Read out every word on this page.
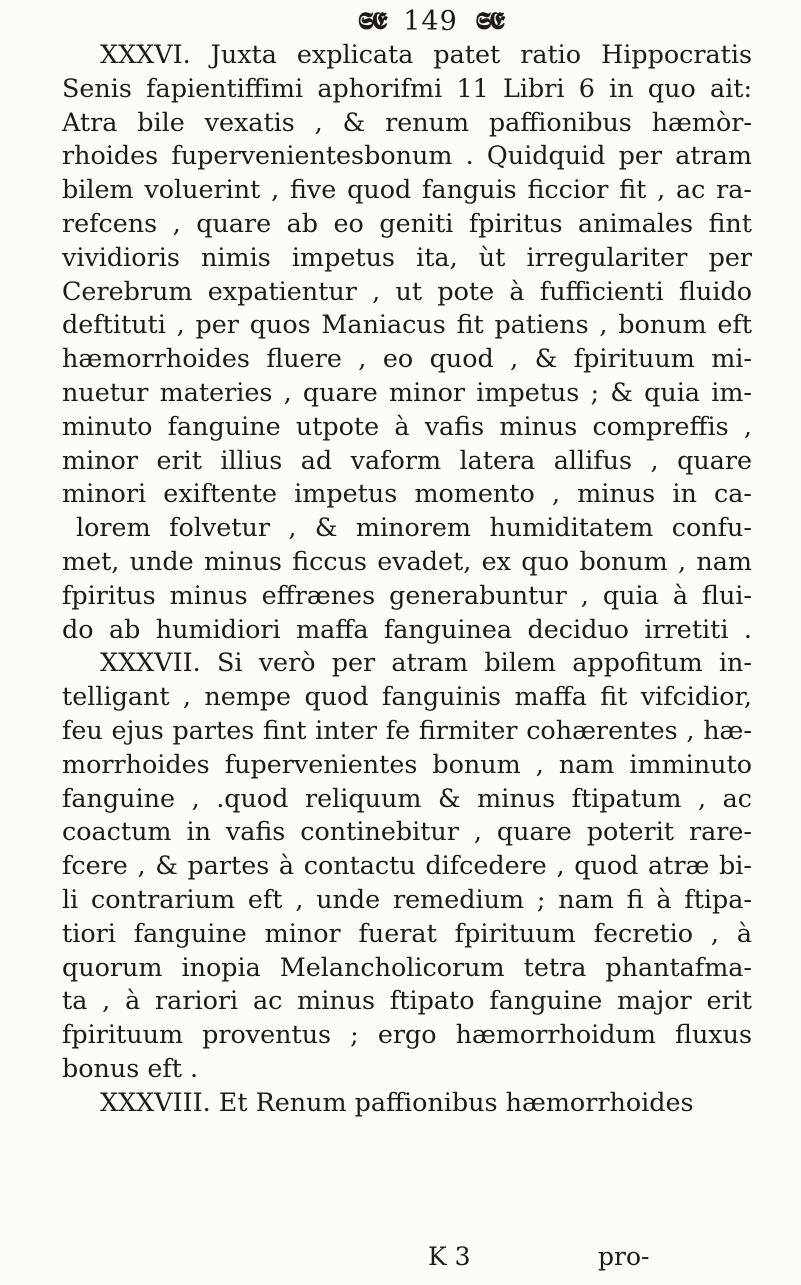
𝕾𝕰 149 𝕾𝕰
XXXVI. Juxta explicata patet ratio Hippocratis
Senis fapientiffimi aphorifmi 11 Libri 6 in quo ait:
Atra bile vexatis , & renum paffionibus hæmòr-
rhoides fupervenientesbonum . Quidquid per atram
bilem voluerint , five quod fanguis ficcior fit , ac ra-
refcens , quare ab eo geniti fpiritus animales fint
vividioris nimis impetus ita, ùt irregulariter per
Cerebrum expatientur , ut pote à fufficienti fluido
deftituti , per quos Maniacus fit patiens , bonum eft
hæmorrhoides fluere , eo quod , & fpirituum mi-
nuetur materies , quare minor impetus ; & quia im-
minuto fanguine utpote à vafis minus compreffis ,
minor erit illius ad vaform latera allifus , quare
minori exiftente impetus momento , minus in ca-
lorem folvetur , & minorem humiditatem confu-
met, unde minus ficcus evadet, ex quo bonum , nam
fpiritus minus effrænes generabuntur , quia à flui-
do ab humidiori maffa fanguinea deciduo irretiti .
XXXVII. Si verò per atram bilem appofitum in-
telligant , nempe quod fanguinis maffa fit vifcidior,
feu ejus partes fint inter fe firmiter cohærentes , hæ-
morrhoides fupervenientes bonum , nam imminuto
fanguine , .quod reliquum & minus ftipatum , ac
coactum in vafis continebitur , quare poterit rare-
fcere , & partes à contactu difcedere , quod atræ bi-
li contrarium eft , unde remedium ; nam fi à ftipa-
tiori fanguine minor fuerat fpirituum fecretio , à
quorum inopia Melancholicorum tetra phantafma-
ta , à rariori ac minus ftipato fanguine major erit
fpirituum proventus ; ergo hæmorrhoidum fluxus
bonus eft .
XXXVIII. Et Renum paffionibus hæmorrhoides
K 3	pro-
